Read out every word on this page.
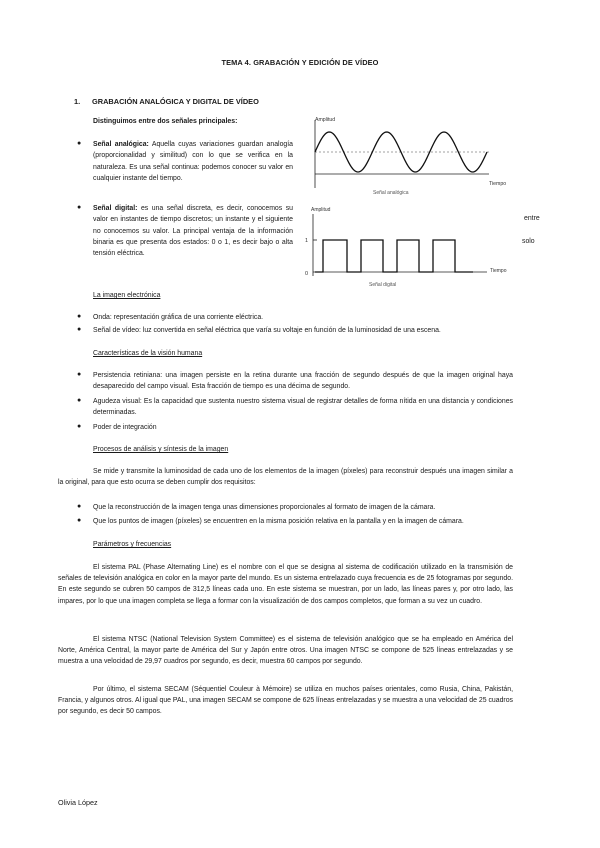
TEMA 4. GRABACIÓN Y EDICIÓN DE VÍDEO
1. GRABACIÓN ANALÓGICA Y DIGITAL DE VÍDEO
Distinguimos entre dos señales principales:
● Señal analógica: Aquella cuyas variaciones guardan analogía (proporcionalidad y similitud) con lo que se verifica en la naturaleza. Es una señal continua: podemos conocer su valor en cualquier instante del tiempo.
● Señal digital: es una señal discreta, es decir, conocemos su valor en instantes de tiempo discretos; un instante y el siguiente no conocemos su valor. La principal ventaja de la información binaria es que presenta dos estados: 0 o 1, es decir bajo o alta tensión eléctrica.
entre
solo
Amplitud
Tiempo
Señal analógica
Amplitud
1
0	Tiempo
Señal digital
La imagen electrónica
● Onda: representación gráfica de una corriente eléctrica.
● Señal de vídeo: luz convertida en señal eléctrica que varía su voltaje en función de la luminosidad de una escena.
Características de la visión humana
● Persistencia retiniana: una imagen persiste en la retina durante una fracción de segundo después de que la imagen original haya desaparecido del campo visual. Esta fracción de tiempo es una décima de segundo.
● Agudeza visual: Es la capacidad que sustenta nuestro sistema visual de registrar detalles de forma nítida en una distancia y condiciones determinadas.
● Poder de integración
Procesos de análisis y síntesis de la imagen
Se mide y transmite la luminosidad de cada uno de los elementos de la imagen (píxeles) para reconstruir después una imagen similar a la original, para que esto ocurra se deben cumplir dos requisitos:
● Que la reconstrucción de la imagen tenga unas dimensiones proporcionales al formato de imagen de la cámara.
● Que los puntos de imagen (píxeles) se encuentren en la misma posición relativa en la pantalla y en la imagen de cámara.
Parámetros y frecuencias
El sistema PAL (Phase Alternating Line) es el nombre con el que se designa al sistema de codificación utilizado en la transmisión de señales de televisión analógica en color en la mayor parte del mundo. Es un sistema entrelazado cuya frecuencia es de 25 fotogramas por segundo. En este segundo se cubren 50 campos de 312,5 líneas cada uno. En este sistema se muestran, por un lado, las líneas pares y, por otro lado, las impares, por lo que una imagen completa se llega a formar con la visualización de dos campos completos, que forman a su vez un cuadro.
El sistema NTSC (National Television System Committee) es el sistema de televisión analógico que se ha empleado en América del Norte, América Central, la mayor parte de América del Sur y Japón entre otros. Una imagen NTSC se compone de 525 líneas entrelazadas y se muestra a una velocidad de 29,97 cuadros por segundo, es decir, muestra 60 campos por segundo.
Por último, el sistema SECAM (Séquentiel Couleur à Mémoire) se utiliza en muchos países orientales, como Rusia, China, Pakistán, Francia, y algunos otros. Al igual que PAL, una imagen SECAM se compone de 625 líneas entrelazadas y se muestra a una velocidad de 25 cuadros por segundo, es decir 50 campos.
Olivia López
